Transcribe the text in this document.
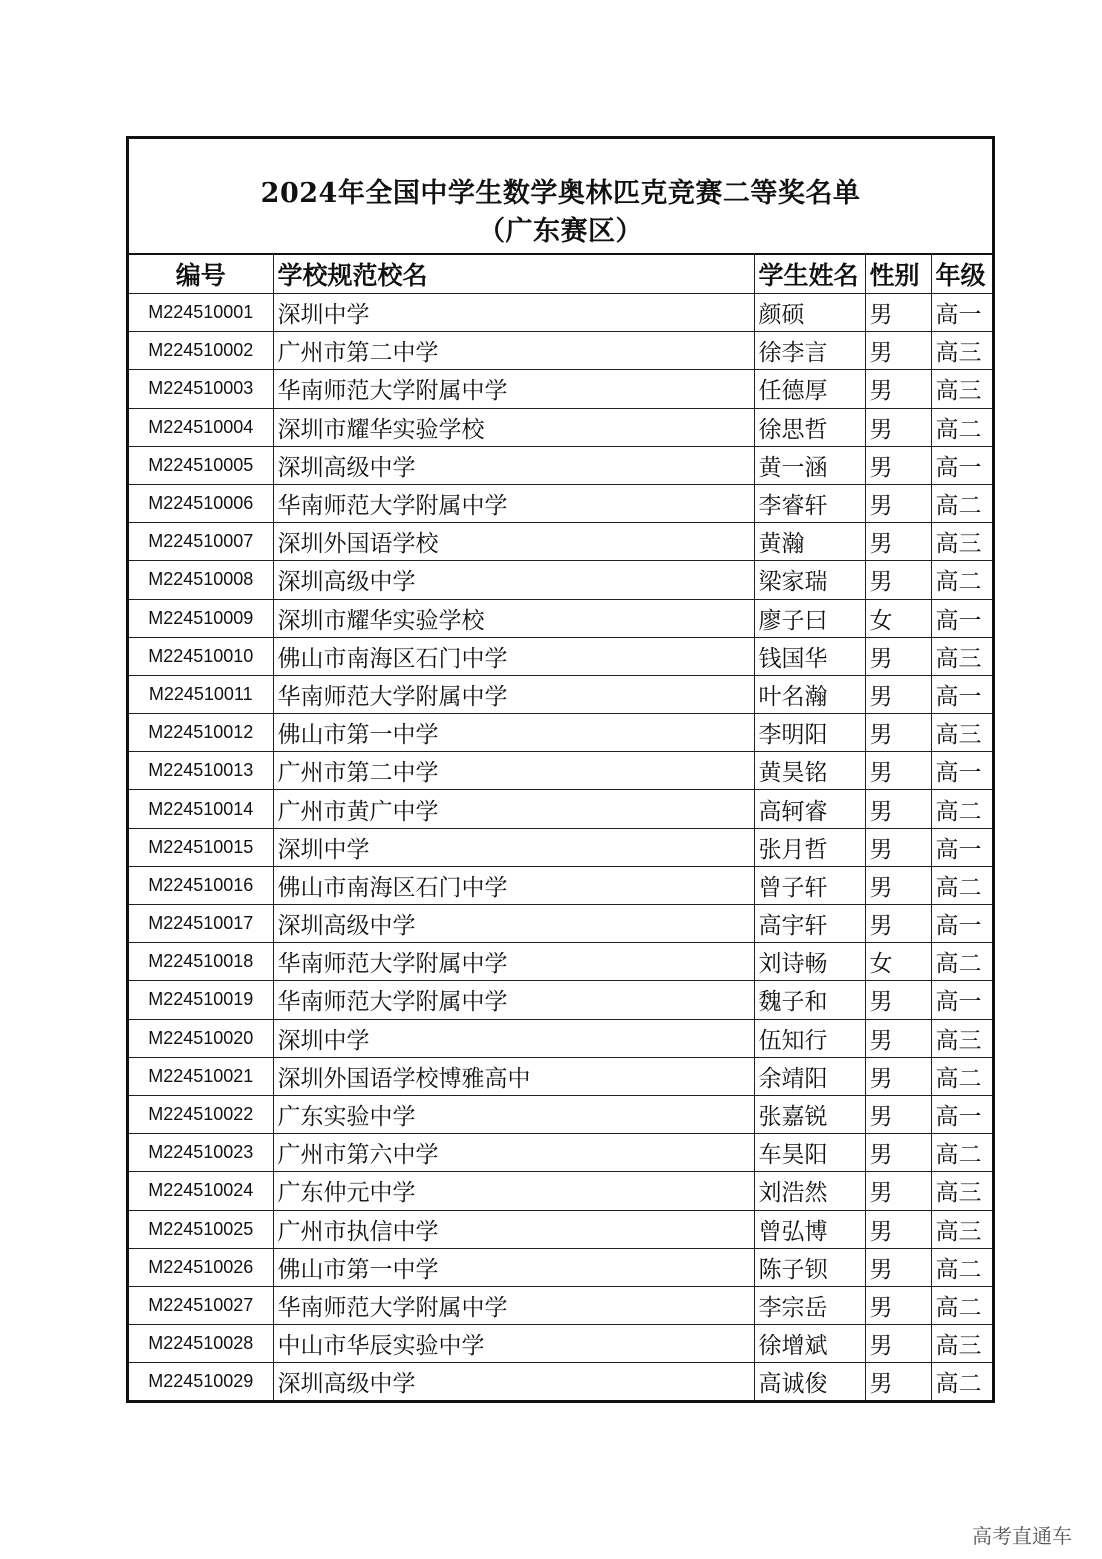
2024年全国中学生数学奥林匹克竞赛二等奖名单
（广东赛区）
编号	学校规范校名	学生姓名	性别	年级
M224510001	深圳中学	颜硕	男	高一
M224510002	广州市第二中学	徐李言	男	高三
M224510003	华南师范大学附属中学	任德厚	男	高三
M224510004	深圳市耀华实验学校	徐思哲	男	高二
M224510005	深圳高级中学	黄一涵	男	高一
M224510006	华南师范大学附属中学	李睿轩	男	高二
M224510007	深圳外国语学校	黄瀚	男	高三
M224510008	深圳高级中学	梁家瑞	男	高二
M224510009	深圳市耀华实验学校	廖子曰	女	高一
M224510010	佛山市南海区石门中学	钱国华	男	高三
M224510011	华南师范大学附属中学	叶名瀚	男	高一
M224510012	佛山市第一中学	李明阳	男	高三
M224510013	广州市第二中学	黄昊铭	男	高一
M224510014	广州市黄广中学	高轲睿	男	高二
M224510015	深圳中学	张月哲	男	高一
M224510016	佛山市南海区石门中学	曾子轩	男	高二
M224510017	深圳高级中学	高宇轩	男	高一
M224510018	华南师范大学附属中学	刘诗畅	女	高二
M224510019	华南师范大学附属中学	魏子和	男	高一
M224510020	深圳中学	伍知行	男	高三
M224510021	深圳外国语学校博雅高中	余靖阳	男	高二
M224510022	广东实验中学	张嘉锐	男	高一
M224510023	广州市第六中学	车昊阳	男	高二
M224510024	广东仲元中学	刘浩然	男	高三
M224510025	广州市执信中学	曾弘博	男	高三
M224510026	佛山市第一中学	陈子钡	男	高二
M224510027	华南师范大学附属中学	李宗岳	男	高二
M224510028	中山市华辰实验中学	徐增斌	男	高三
M224510029	深圳高级中学	高诚俊	男	高二
高考直通车
